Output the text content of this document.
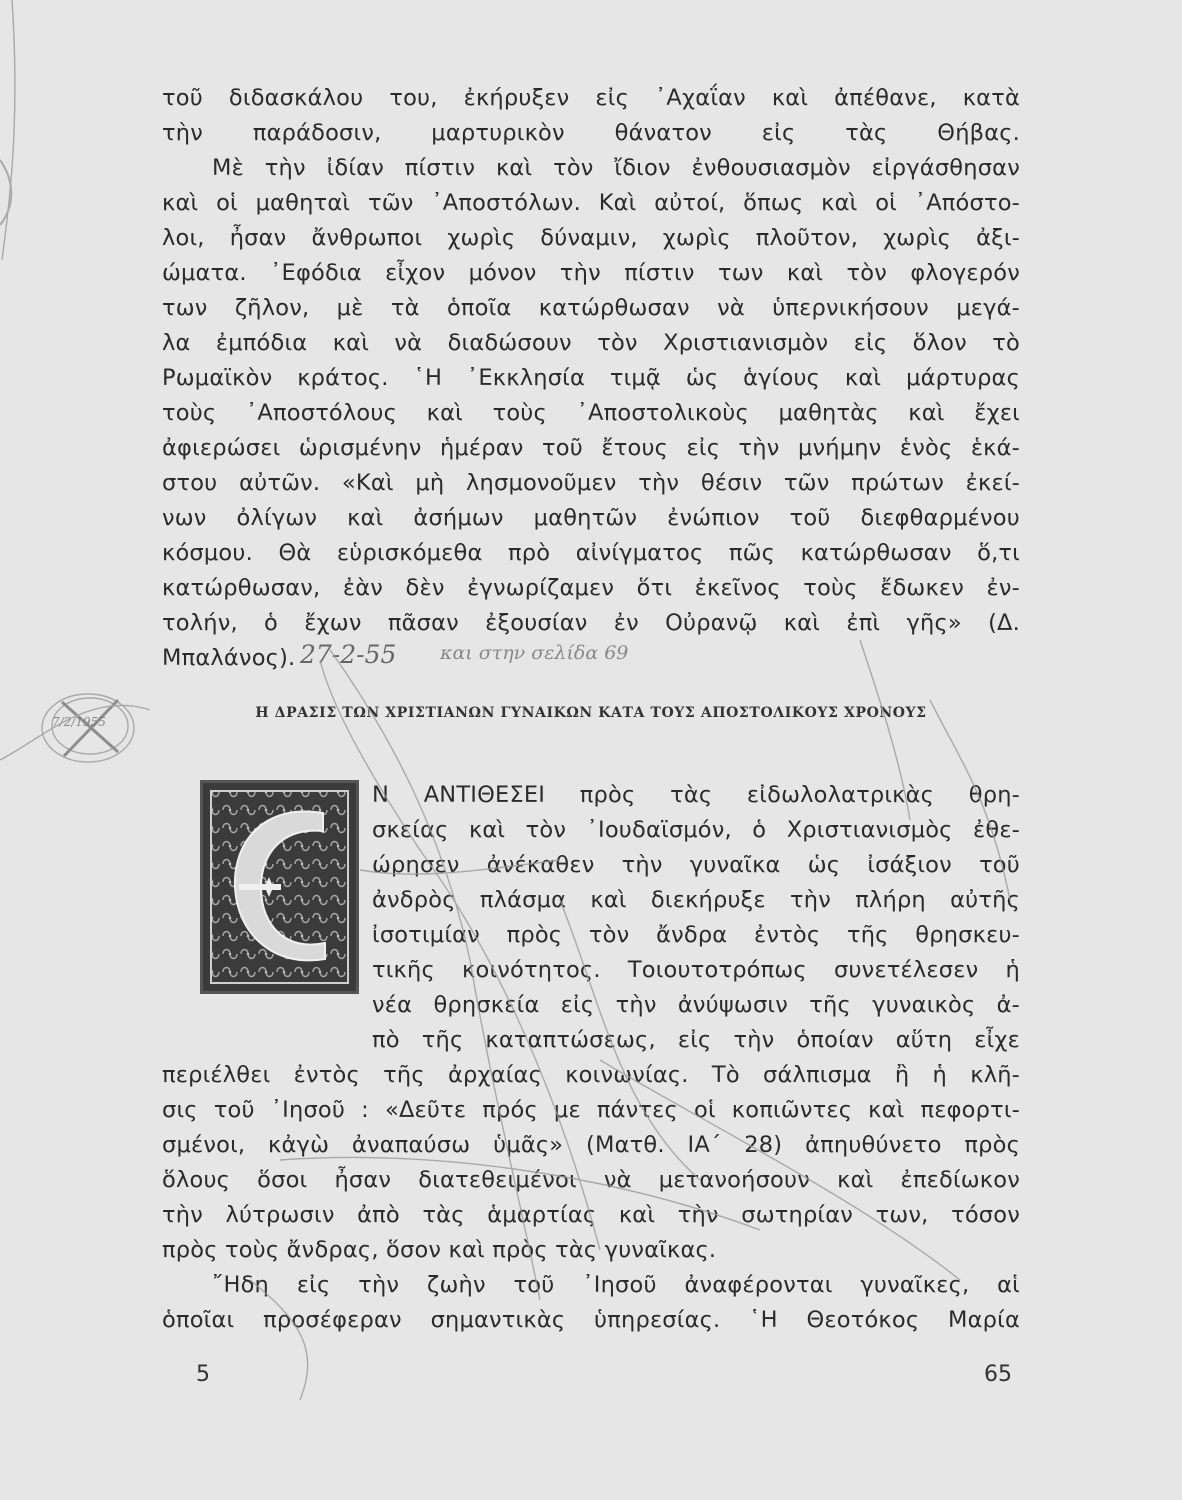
τοῦ διδασκάλου του, ἐκήρυξεν εἰς ᾿Αχαΐαν καὶ ἀπέθανε, κατὰ

τὴν παράδοσιν, μαρτυρικὸν θάνατον εἰς τὰς Θήβας.

Μὲ τὴν ἰδίαν πίστιν καὶ τὸν ἴδιον ἐνθουσιασμὸν εἰργάσθησαν

καὶ οἱ μαθηταὶ τῶν ᾿Αποστόλων. Καὶ αὐτοί, ὅπως καὶ οἱ ᾿Απόστο-

λοι, ἦσαν ἄνθρωποι χωρὶς δύναμιν, χωρὶς πλοῦτον, χωρὶς ἀξι-

ώματα. ᾿Εφόδια εἶχον μόνον τὴν πίστιν των καὶ τὸν φλογερόν

των ζῆλον, μὲ τὰ ὁποῖα κατώρθωσαν νὰ ὑπερνικήσουν μεγά-

λα ἐμπόδια καὶ νὰ διαδώσουν τὸν Χριστιανισμὸν εἰς ὅλον τὸ

Ρωμαϊκὸν κράτος. ῾Η ᾿Εκκλησία τιμᾷ ὡς ἁγίους καὶ μάρτυρας

τοὺς ᾿Αποστόλους καὶ τοὺς ᾿Αποστολικοὺς μαθητὰς καὶ ἔχει

ἀφιερώσει ὡρισμένην ἡμέραν τοῦ ἔτους εἰς τὴν μνήμην ἑνὸς ἑκά-

στου αὐτῶν. «Καὶ μὴ λησμονοῦμεν τὴν θέσιν τῶν πρώτων ἐκεί-

νων ὀλίγων καὶ ἀσήμων μαθητῶν ἐνώπιον τοῦ διεφθαρμένου

κόσμου. Θὰ εὑρισκόμεθα πρὸ αἰνίγματος πῶς κατώρθωσαν ὅ,τι

κατώρθωσαν, ἐὰν δὲν ἐγνωρίζαμεν ὅτι ἐκεῖνος τοὺς ἔδωκεν ἐν-

τολήν, ὁ ἔχων πᾶσαν ἐξουσίαν ἐν Οὐρανῷ καὶ ἐπὶ γῆς» (Δ.

Μπαλάνος). 27-2-55 και στην σελίδα 69
7/2/1955
Η ΔΡΑΣΙΣ ΤΩΝ ΧΡΙΣΤΙΑΝΩΝ ΓΥΝΑΙΚΩΝ ΚΑΤΑ ΤΟΥΣ ΑΠΟΣΤΟΛΙΚΟΥΣ ΧΡΟΝΟΥΣ

Ν ΑΝΤΙΘΕΣΕΙ πρὸς τὰς εἰδωλολατρικὰς θρη-

σκείας καὶ τὸν ᾿Ιουδαϊσμόν, ὁ Χριστιανισμὸς ἐθε-

ώρησεν ἀνέκαθεν τὴν γυναῖκα ὡς ἰσάξιον τοῦ

ἀνδρὸς πλάσμα καὶ διεκήρυξε τὴν πλήρη αὐτῆς

ἰσοτιμίαν πρὸς τὸν ἄνδρα ἐντὸς τῆς θρησκευ-

τικῆς κοινότητος. Τοιουτοτρόπως συνετέλεσεν ἡ

νέα θρησκεία εἰς τὴν ἀνύψωσιν τῆς γυναικὸς ἀ-

πὸ τῆς καταπτώσεως, εἰς τὴν ὁποίαν αὕτη εἶχε

περιέλθει ἐντὸς τῆς ἀρχαίας κοινωνίας. Τὸ σάλπισμα ἢ ἡ κλῆ-

σις τοῦ ᾿Ιησοῦ : «Δεῦτε πρός με πάντες οἱ κοπιῶντες καὶ πεφορτι-

σμένοι, κἀγὼ ἀναπαύσω ὑμᾶς» (Ματθ. ΙΑ΄ 28) ἀπηυθύνετο πρὸς

ὅλους ὅσοι ἦσαν διατεθειμένοι νὰ μετανοήσουν καὶ ἐπεδίωκον

τὴν λύτρωσιν ἀπὸ τὰς ἁμαρτίας καὶ τὴν σωτηρίαν των, τόσον

πρὸς τοὺς ἄνδρας, ὅσον καὶ πρὸς τὰς γυναῖκας.

῎Ηδη εἰς τὴν ζωὴν τοῦ ᾿Ιησοῦ ἀναφέρονται γυναῖκες, αἱ

ὁποῖαι προσέφεραν σημαντικὰς ὑπηρεσίας. ῾Η Θεοτόκος Μαρία

5	65
